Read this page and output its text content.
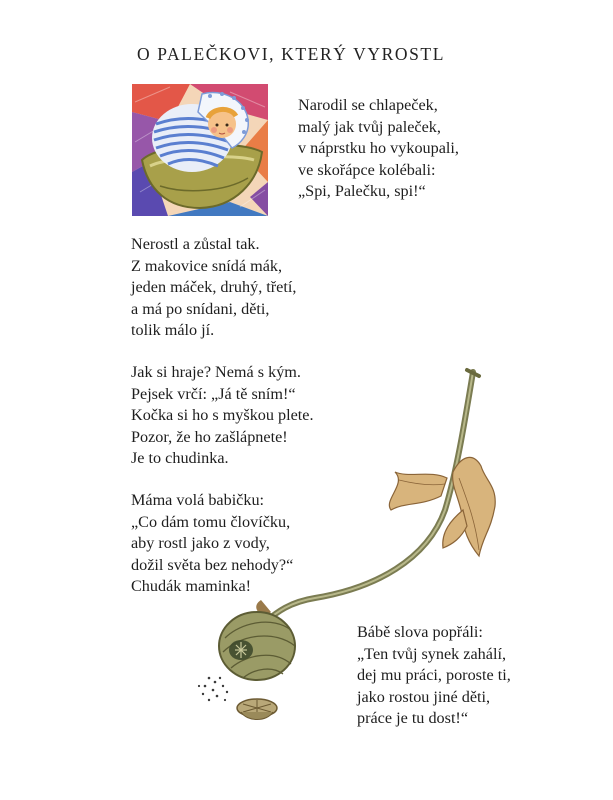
O PALEČKOVI, KTERÝ VYROSTL
Narodil se chlapeček,
malý jak tvůj paleček,
v náprstku ho vykoupali,
ve skořápce kolébali:
„Spi, Palečku, spi!“
Nerostl a zůstal tak.
Z makovice snídá mák,
jeden máček, druhý, třetí,
a má po snídani, děti,
tolik málo jí.
Jak si hraje? Nemá s kým.
Pejsek vrčí: „Já tě sním!“
Kočka si ho s myškou plete.
Pozor, že ho zašlápnete!
Je to chudinka.
Máma volá babičku:
„Co dám tomu človíčku,
aby rostl jako z vody,
dožil světa bez nehody?“
Chudák maminka!
Bábě slova popřáli:
„Ten tvůj synek zahálí,
dej mu práci, poroste ti,
jako rostou jiné děti,
práce je tu dost!“
